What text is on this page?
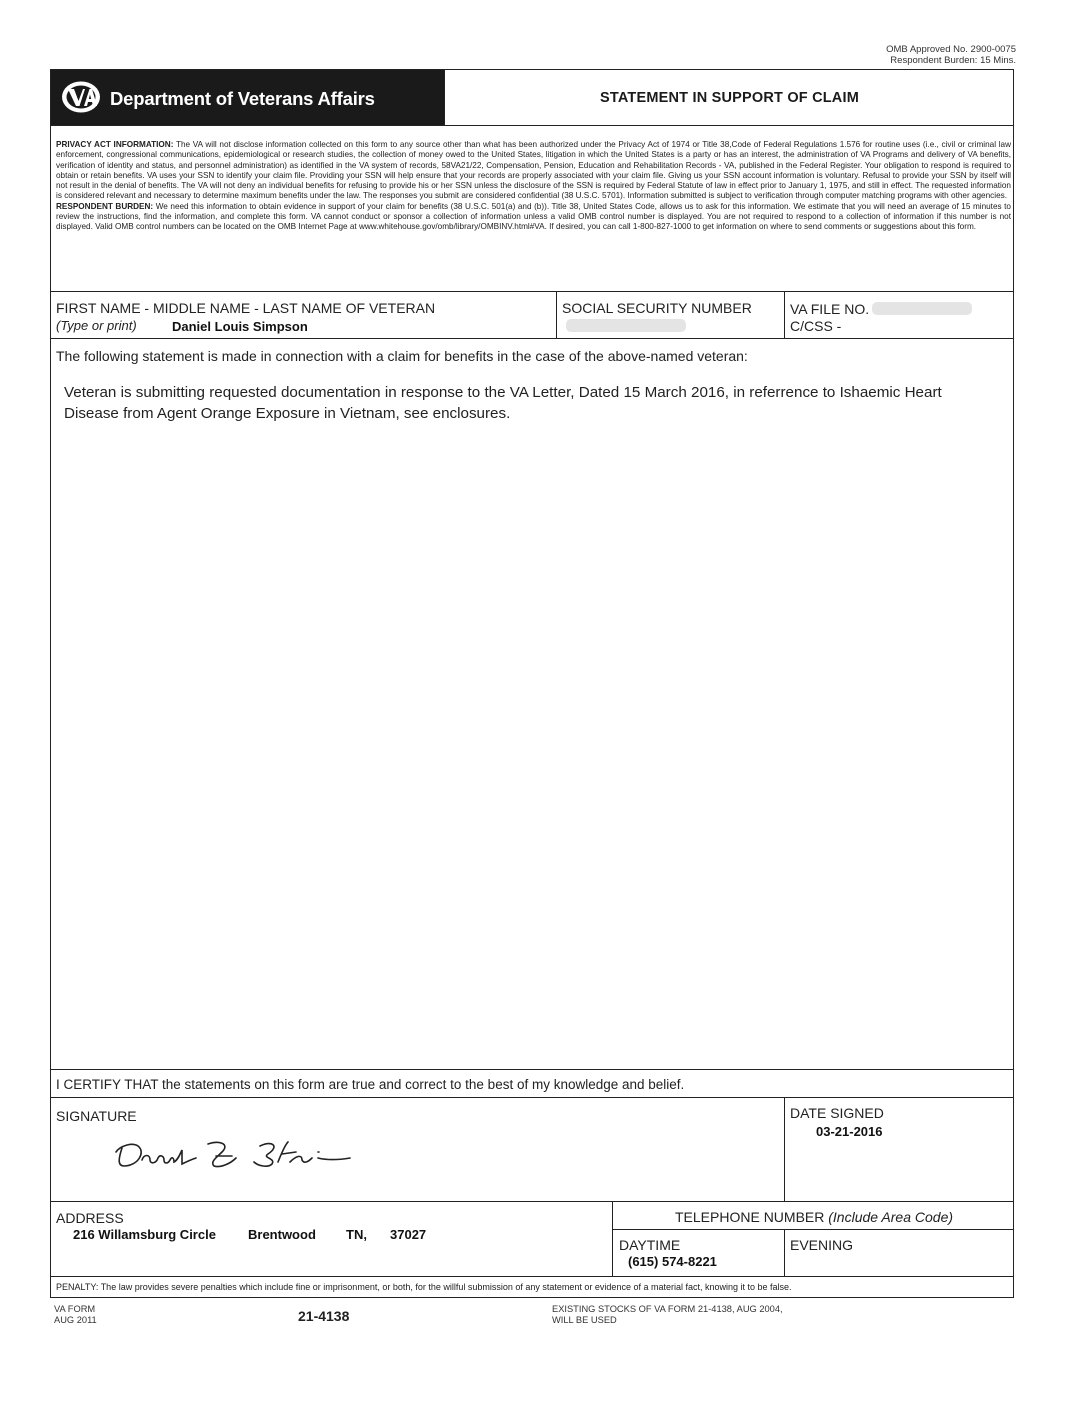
OMB Approved No. 2900-0075
Respondent Burden: 15 Mins.
Department of Veterans Affairs	STATEMENT IN SUPPORT OF CLAIM
PRIVACY ACT INFORMATION: The VA will not disclose information collected on this form to any source other than what has been authorized under the Privacy Act of 1974 or Title 38,Code of Federal Regulations 1.576 for routine uses (i.e., civil or criminal law enforcement, congressional communications, epidemiological or research studies, the collection of money owed to the United States, litigation in which the United States is a party or has an interest, the administration of VA Programs and delivery of VA benefits, verification of identity and status, and personnel administration) as identified in the VA system of records, 58VA21/22, Compensation, Pension, Education and Rehabilitation Records - VA, published in the Federal Register. Your obligation to respond is required to obtain or retain benefits. VA uses your SSN to identify your claim file. Providing your SSN will help ensure that your records are properly associated with your claim file. Giving us your SSN account information is voluntary. Refusal to provide your SSN by itself will not result in the denial of benefits. The VA will not deny an individual benefits for refusing to provide his or her SSN unless the disclosure of the SSN is required by Federal Statute of law in effect prior to January 1, 1975, and still in effect. The requested information is considered relevant and necessary to determine maximum benefits under the law. The responses you submit are considered confidential (38 U.S.C. 5701). Information submitted is subject to verification through computer matching programs with other agencies.
RESPONDENT BURDEN: We need this information to obtain evidence in support of your claim for benefits (38 U.S.C. 501(a) and (b)). Title 38, United States Code, allows us to ask for this information. We estimate that you will need an average of 15 minutes to review the instructions, find the information, and complete this form. VA cannot conduct or sponsor a collection of information unless a valid OMB control number is displayed. You are not required to respond to a collection of information if this number is not displayed. Valid OMB control numbers can be located on the OMB Internet Page at www.whitehouse.gov/omb/library/OMBINV.html#VA. If desired, you can call 1-800-827-1000 to get information on where to send comments or suggestions about this form.
FIRST NAME - MIDDLE NAME - LAST NAME OF VETERAN
(Type or print)	Daniel Louis Simpson
SOCIAL SECURITY NUMBER	VA FILE NO.
C/CSS -
The following statement is made in connection with a claim for benefits in the case of the above-named veteran:
Veteran is submitting requested documentation in response to the VA Letter, Dated 15 March 2016, in referrence to Ishaemic Heart Disease from Agent Orange Exposure in Vietnam, see enclosures.
I CERTIFY THAT the statements on this form are true and correct to the best of my knowledge and belief.
SIGNATURE	DATE SIGNED
03-21-2016
ADDRESS
216 Willamsburg Circle Brentwood TN, 37027
TELEPHONE NUMBER (Include Area Code)
DAYTIME
(615) 574-8221
EVENING
PENALTY: The law provides severe penalties which include fine or imprisonment, or both, for the willful submission of any statement or evidence of a material fact, knowing it to be false.
VA FORM
AUG 2011	21-4138	EXISTING STOCKS OF VA FORM 21-4138, AUG 2004,
WILL BE USED
